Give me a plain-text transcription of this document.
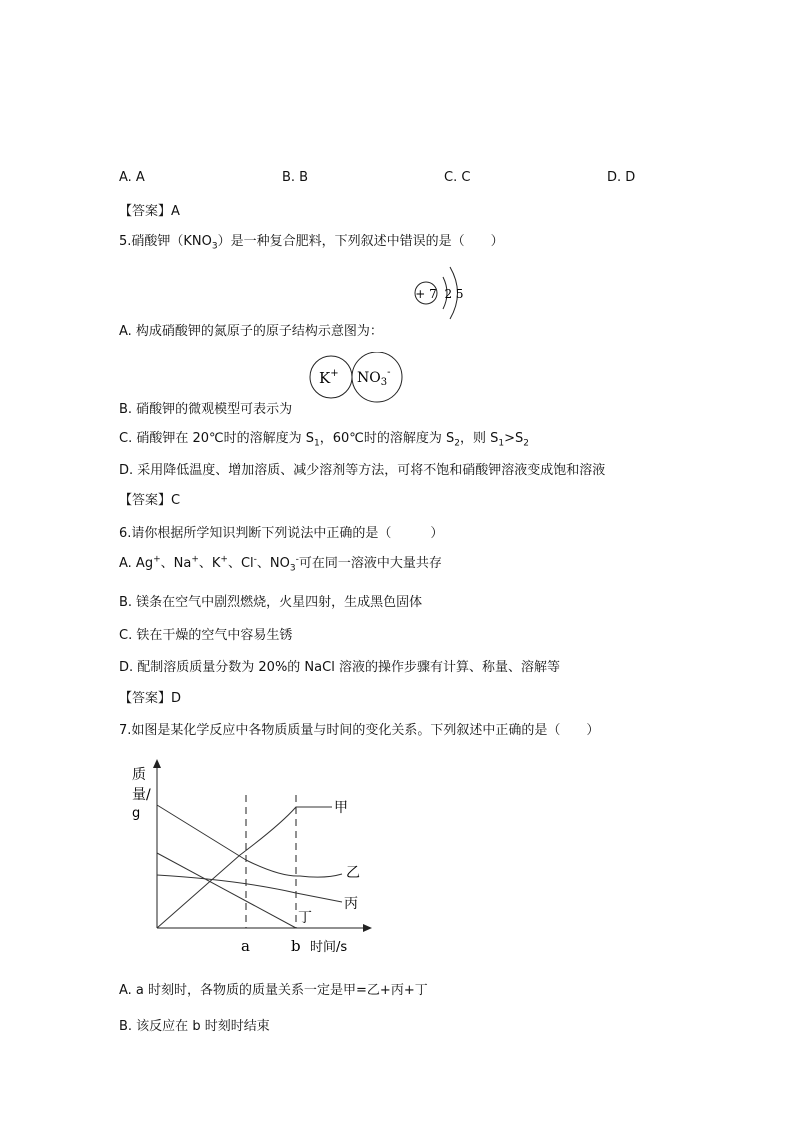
A. A	B. B	C. C	D. D
【答案】A
5.硝酸钾$(KNO_3)$是一种复合肥料，下列叙述中错误的是（　　）
+ 7 2 5
A. 构成硝酸钾的氮原子的原子结构示意图为：
K+ $NO_3^-$
B. 硝酸钾的微观模型可表示为
C. 硝酸钾在 20℃时的溶解度为 $S_1$，60℃时的溶解度为 $S_2$，则 $S_1>S_2$
D. 采用降低温度、增加溶质、减少溶剂等方法，可将不饱和硝酸钾溶液变成饱和溶液
【答案】C
6.请你根据所学知识判断下列说法中正确的是（　　　）
A. Ag+、Na+、K+、Cl-、$NO_3^-$可在同一溶液中大量共存
B. 镁条在空气中剧烈燃烧，火星四射，生成黑色固体
C. 铁在干燥的空气中容易生锈
D. 配制溶质质量分数为 20%的 NaCl 溶液的操作步骤有计算、称量、溶解等
【答案】D
7.如图是某化学反应中各物质质量与时间的变化关系。下列叙述中正确的是（　　）
质
量/
g	甲
乙
丙
丁
a	b 时间/s
A. a 时刻时，各物质的质量关系一定是甲=乙+丙+丁
B. 该反应在 b 时刻时结束
